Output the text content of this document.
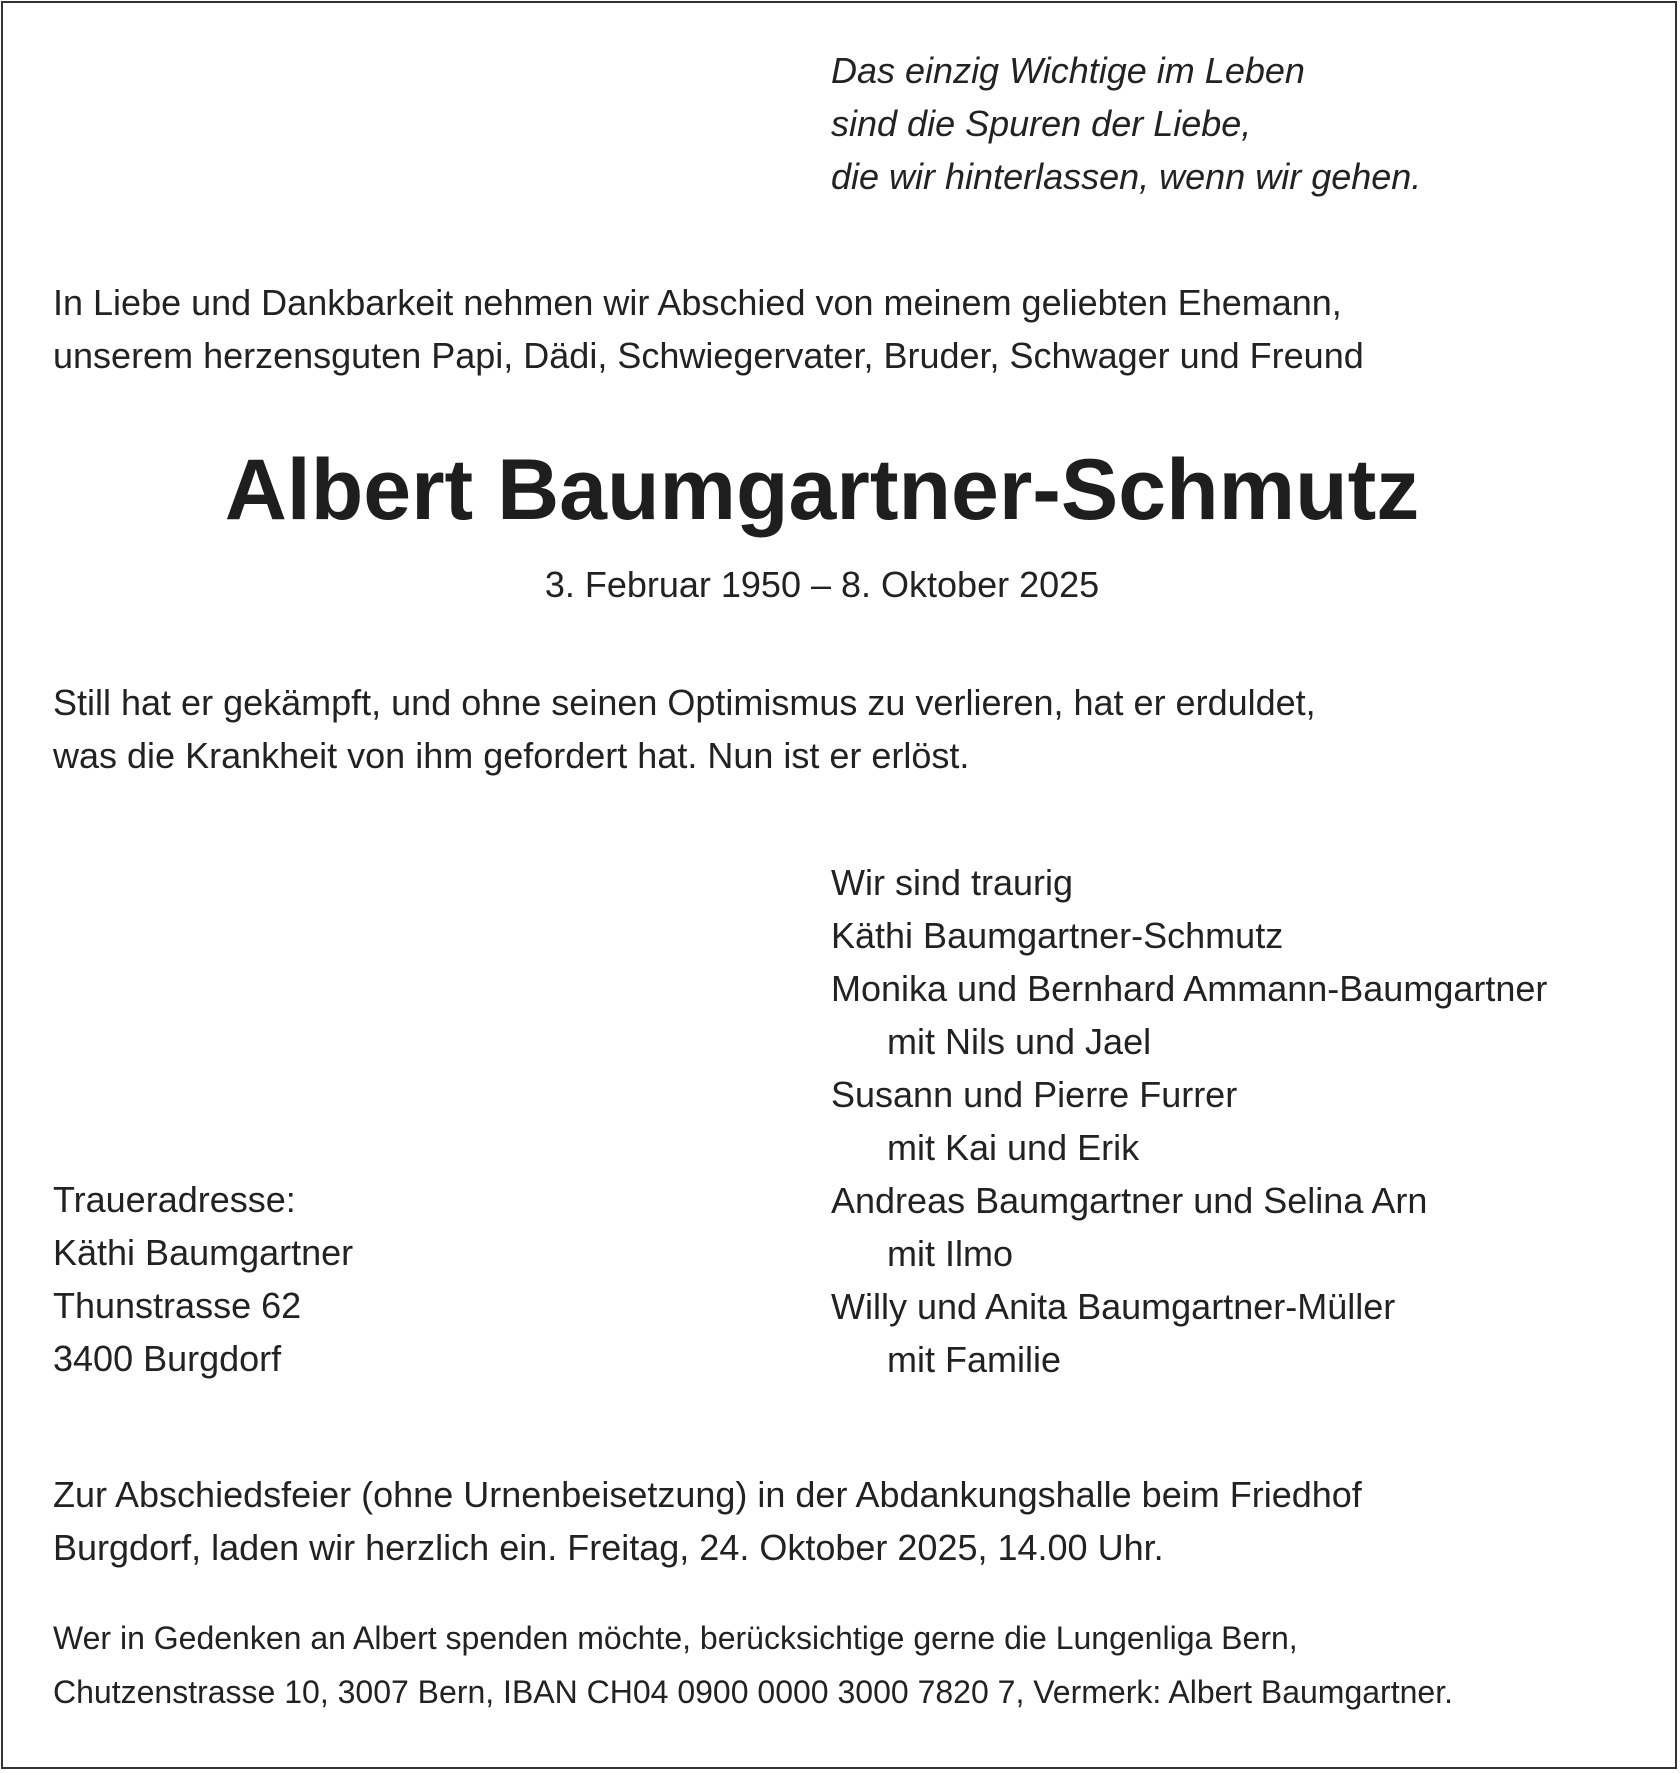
Das einzig Wichtige im Leben
sind die Spuren der Liebe,
die wir hinterlassen, wenn wir gehen.
In Liebe und Dankbarkeit nehmen wir Abschied von meinem geliebten Ehemann,
unserem herzensguten Papi, Dädi, Schwiegervater, Bruder, Schwager und Freund
Albert Baumgartner-Schmutz
3. Februar 1950 – 8. Oktober 2025
Still hat er gekämpft, und ohne seinen Optimismus zu verlieren, hat er erduldet,
was die Krankheit von ihm gefordert hat. Nun ist er erlöst.
Wir sind traurig
Käthi Baumgartner-Schmutz
Monika und Bernhard Ammann-Baumgartner
mit Nils und Jael
Susann und Pierre Furrer
mit Kai und Erik
Andreas Baumgartner und Selina Arn
mit Ilmo
Willy und Anita Baumgartner-Müller
mit Familie
Traueradresse:
Käthi Baumgartner
Thunstrasse 62
3400 Burgdorf
Zur Abschiedsfeier (ohne Urnenbeisetzung) in der Abdankungshalle beim Friedhof
Burgdorf, laden wir herzlich ein. Freitag, 24. Oktober 2025, 14.00 Uhr.
Wer in Gedenken an Albert spenden möchte, berücksichtige gerne die Lungenliga Bern,
Chutzenstrasse 10, 3007 Bern, IBAN CH04 0900 0000 3000 7820 7, Vermerk: Albert Baumgartner.
